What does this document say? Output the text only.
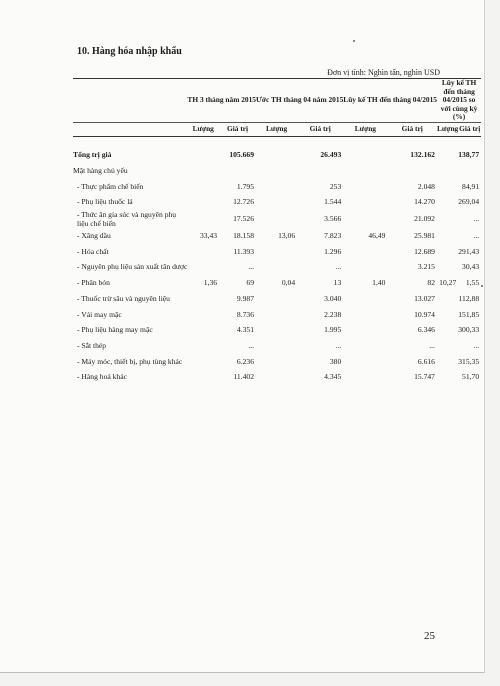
10. Hàng hóa nhập khẩu
Đơn vị tính: Nghìn tấn, nghìn USD

	TH 3 tháng năm 2015		Ước TH tháng 04 năm 2015		Lũy kế TH đến tháng 04/2015		Lũy kế TH đến tháng 04/2015 so với cùng kỳ (%)	
	Lượng	Giá trị	Lượng	Giá trị	Lượng	Giá trị	Lượng	Giá trị

Tổng trị giá		105.669		26.493		132.162		138,77
Mặt hàng chủ yếu								
- Thực phẩm chế biến		1.795		253		2.048		84,91
- Phụ liệu thuốc lá		12.726		1.544		14.270		269,04
- Thức ăn gia súc và nguyên phụ liệu chế biến		17.526		3.566		21.092		...
- Xăng dầu	33,43	18.158	13,06	7.823	46,49	25.981		...
- Hóa chất		11.393		1.296		12.689		291,43
- Nguyên phụ liệu sản xuất tân dược		...		...		3.215		30,43
- Phân bón	1,36	69	0,04	13	1,40	82	10,27	1,55
- Thuốc trừ sâu và nguyên liệu		9.987		3.040		13.027		112,88
- Vải may mặc		8.736		2.238		10.974		151,85
- Phụ liệu hàng may mặc		4.351		1.995		6.346		300,33
- Sắt thép		...		...		...		...
- Máy móc, thiết bị, phụ tùng khác		6.236		380		6.616		315,35
- Hàng hoá khác		11.402		4.345		15.747		51,70
25
